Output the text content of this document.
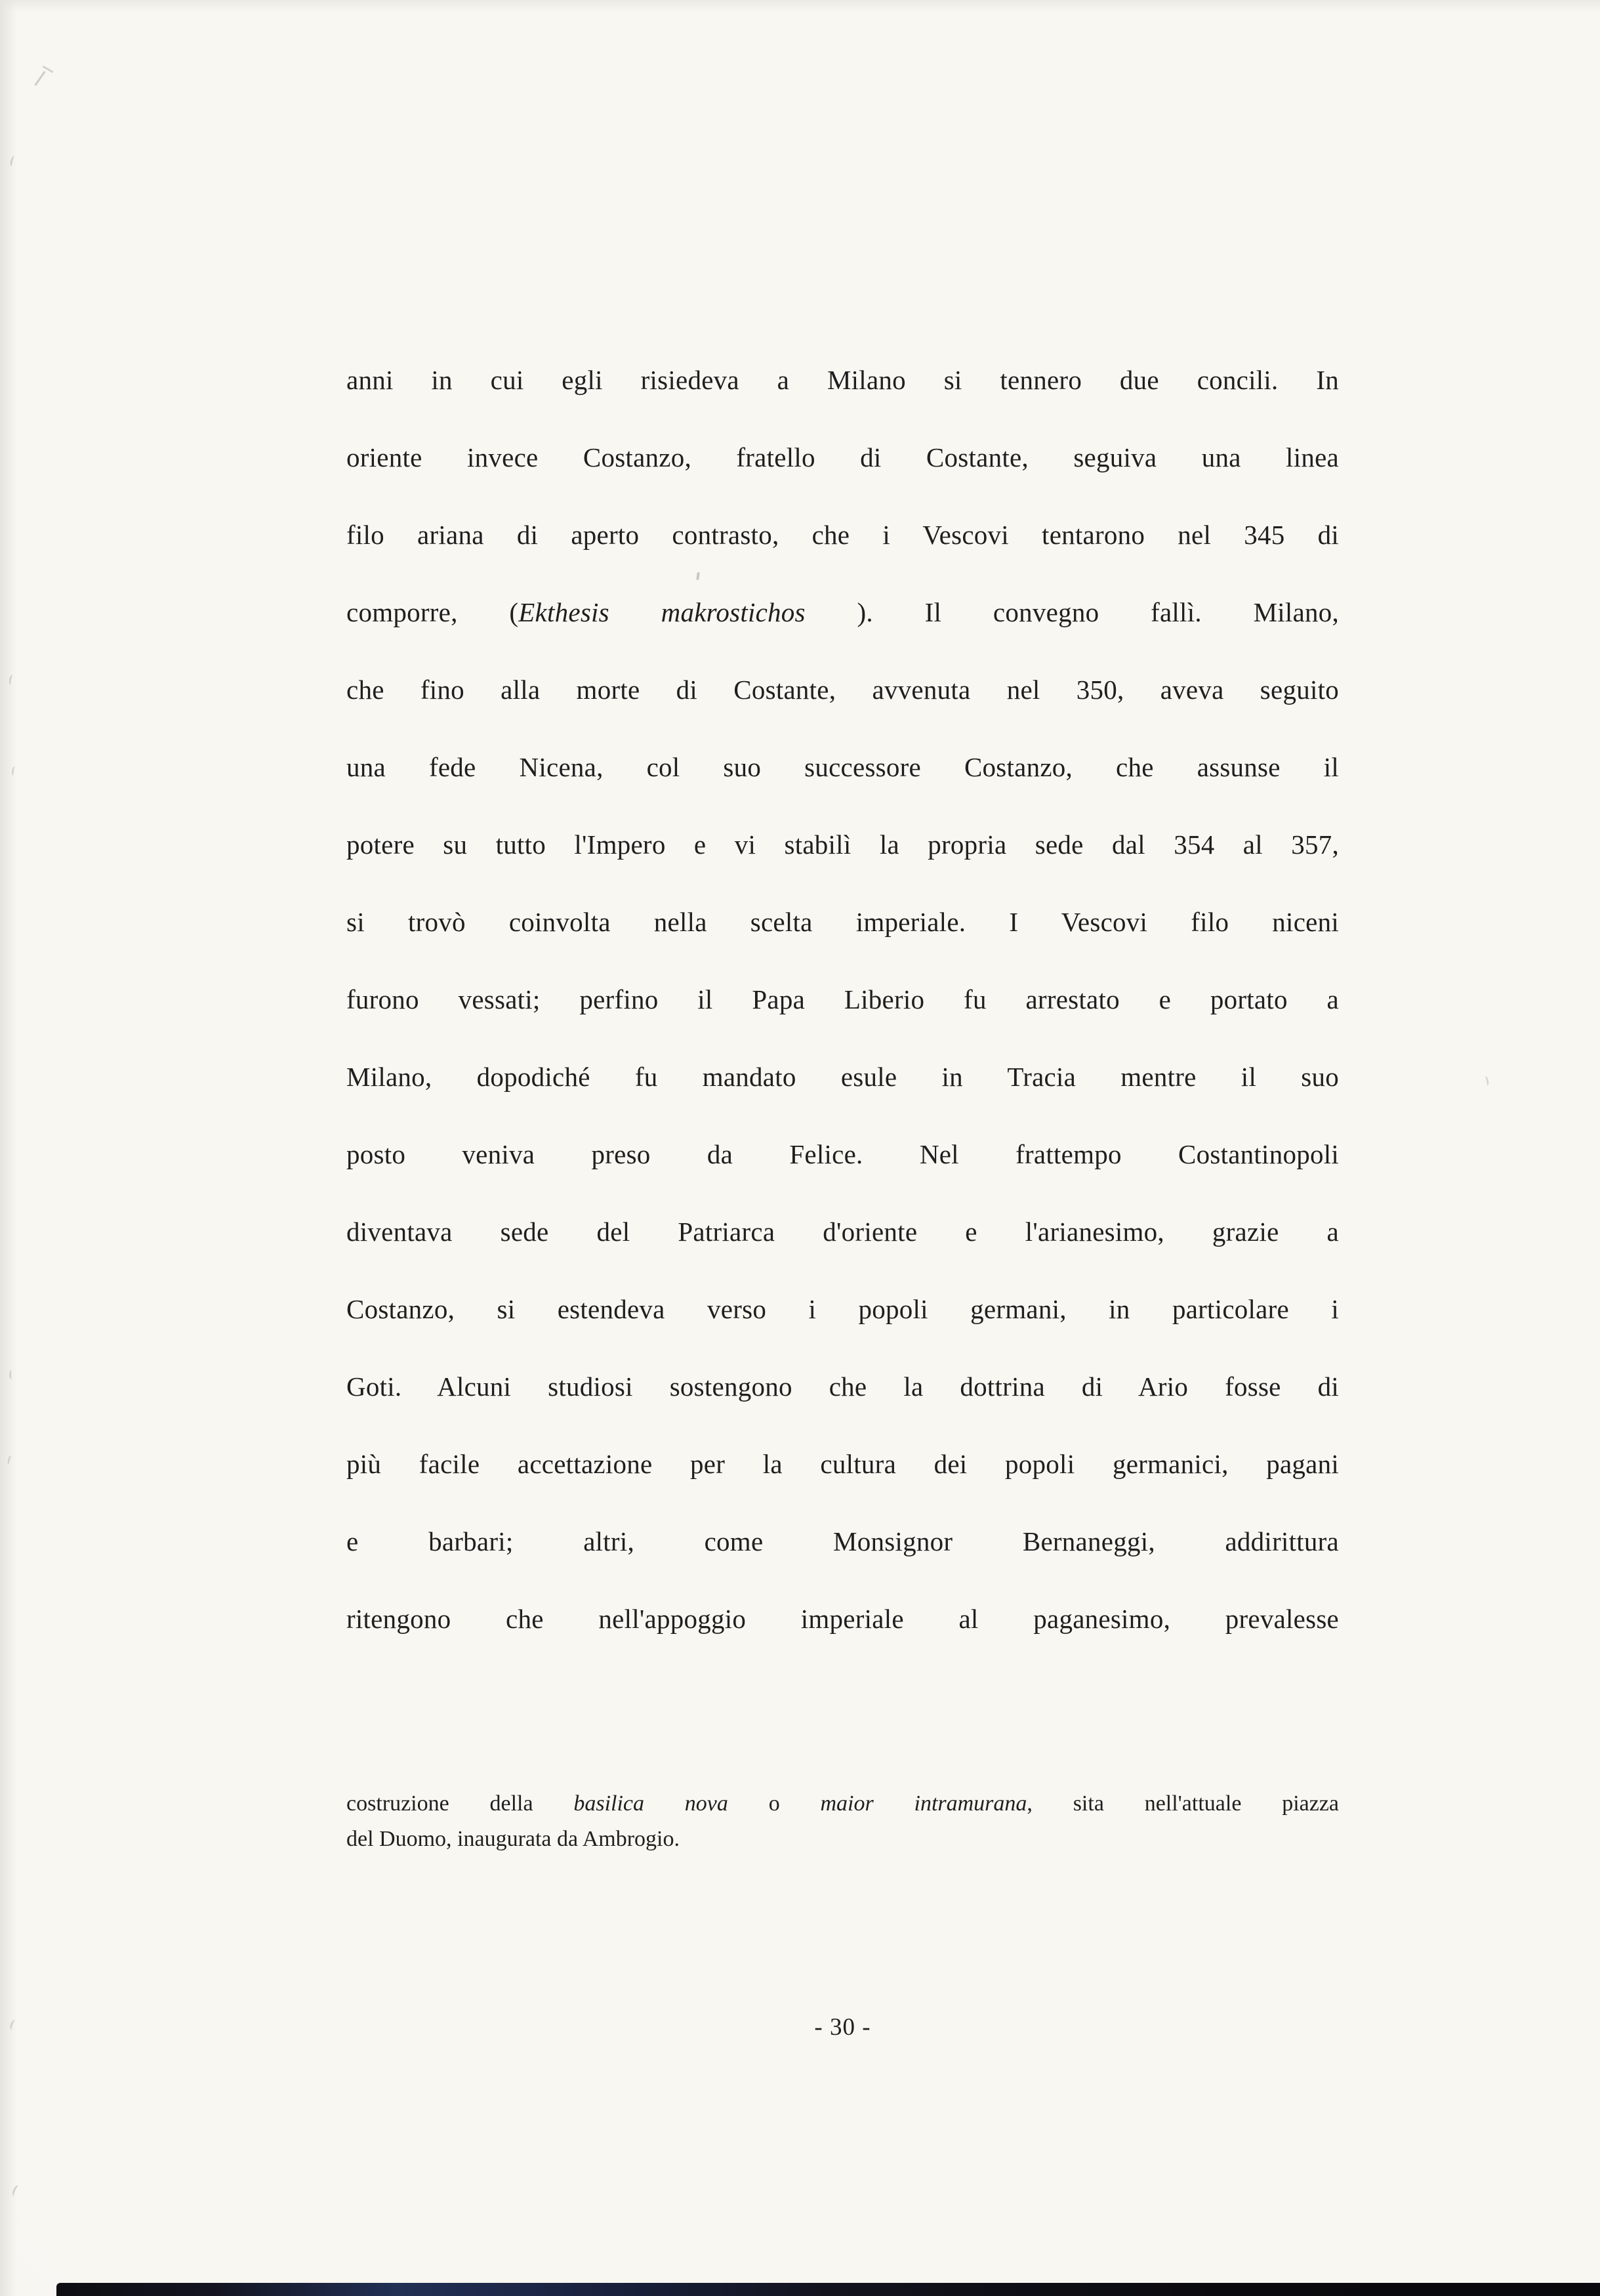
anni in cui egli risiedeva a Milano si tennero due concili. In
oriente invece Costanzo, fratello di Costante, seguiva una linea
filo ariana di aperto contrasto, che i Vescovi tentarono nel 345 di
comporre, (Ekthesis makrostichos ). Il convegno fallì. Milano,
che fino alla morte di Costante, avvenuta nel 350, aveva seguito
una fede Nicena, col suo successore Costanzo, che assunse il
potere su tutto l'Impero e vi stabilì la propria sede dal 354 al 357,
si trovò coinvolta nella scelta imperiale. I Vescovi filo niceni
furono vessati; perfino il Papa Liberio fu arrestato e portato a
Milano, dopodiché fu mandato esule in Tracia mentre il suo
posto veniva preso da Felice. Nel frattempo Costantinopoli
diventava sede del Patriarca d'oriente e l'arianesimo, grazie a
Costanzo, si estendeva verso i popoli germani, in particolare i
Goti. Alcuni studiosi sostengono che la dottrina di Ario fosse di
più facile accettazione per la cultura dei popoli germanici, pagani
e barbari; altri, come Monsignor Bernaneggi, addirittura
ritengono che nell'appoggio imperiale al paganesimo, prevalesse
costruzione della basilica nova o maior intramurana, sita nell'attuale piazza
del Duomo, inaugurata da Ambrogio.
- 30 -
